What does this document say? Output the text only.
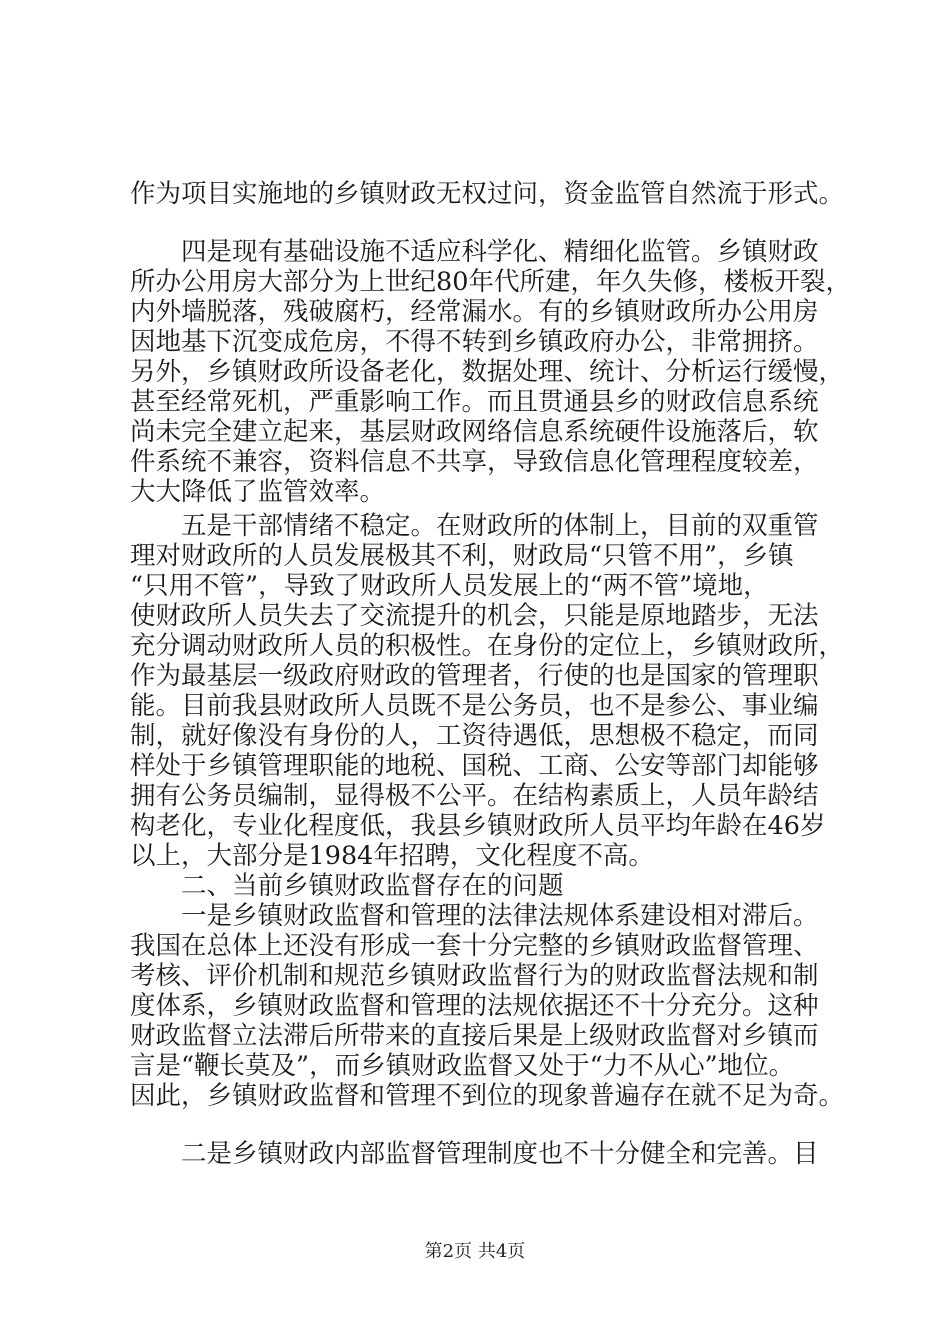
作为项目实施地的乡镇财政无权过问，资金监管自然流于形式。
　　四是现有基础设施不适应科学化、精细化监管。乡镇财政
所办公用房大部分为上世纪80年代所建，年久失修，楼板开裂，
内外墙脱落，残破腐朽，经常漏水。有的乡镇财政所办公用房
因地基下沉变成危房，不得不转到乡镇政府办公，非常拥挤。
另外，乡镇财政所设备老化，数据处理、统计、分析运行缓慢，
甚至经常死机，严重影响工作。而且贯通县乡的财政信息系统
尚未完全建立起来，基层财政网络信息系统硬件设施落后，软
件系统不兼容，资料信息不共享，导致信息化管理程度较差，
大大降低了监管效率。
　　五是干部情绪不稳定。在财政所的体制上，目前的双重管
理对财政所的人员发展极其不利，财政局“只管不用”，乡镇
“只用不管”，导致了财政所人员发展上的“两不管”境地，
使财政所人员失去了交流提升的机会，只能是原地踏步，无法
充分调动财政所人员的积极性。在身份的定位上，乡镇财政所，
作为最基层一级政府财政的管理者，行使的也是国家的管理职
能。目前我县财政所人员既不是公务员，也不是参公、事业编
制，就好像没有身份的人，工资待遇低，思想极不稳定，而同
样处于乡镇管理职能的地税、国税、工商、公安等部门却能够
拥有公务员编制，显得极不公平。在结构素质上，人员年龄结
构老化，专业化程度低，我县乡镇财政所人员平均年龄在46岁
以上，大部分是1984年招聘，文化程度不高。
　　二、当前乡镇财政监督存在的问题
　　一是乡镇财政监督和管理的法律法规体系建设相对滞后。
我国在总体上还没有形成一套十分完整的乡镇财政监督管理、
考核、评价机制和规范乡镇财政监督行为的财政监督法规和制
度体系，乡镇财政监督和管理的法规依据还不十分充分。这种
财政监督立法滞后所带来的直接后果是上级财政监督对乡镇而
言是“鞭长莫及”，而乡镇财政监督又处于“力不从心”地位。
因此，乡镇财政监督和管理不到位的现象普遍存在就不足为奇。
　　二是乡镇财政内部监督管理制度也不十分健全和完善。目
第2页 共4页
